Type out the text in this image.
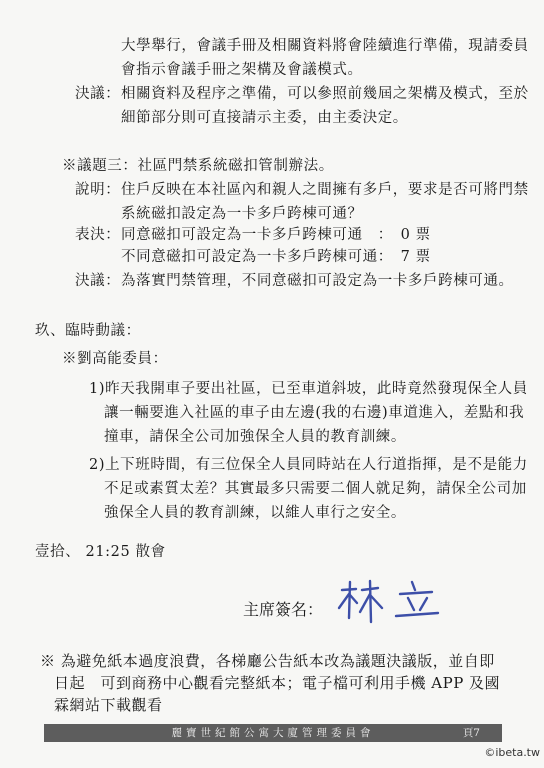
大學舉行，會議手冊及相關資料將會陸續進行準備，現請委員
會指示會議手冊之架構及會議模式。
決議： 相關資料及程序之準備，可以參照前幾屆之架構及模式，至於
細節部分則可直接請示主委，由主委決定。
※議題三：社區門禁系統磁扣管制辦法。
說明： 住戶反映在本社區內和親人之間擁有多戶，要求是否可將門禁
系統磁扣設定為一卡多戶跨棟可通？
表決： 同意磁扣可設定為一卡多戶跨棟可通　：　0 票
不同意磁扣可設定為一卡多戶跨棟可通：　7 票
決議： 為落實門禁管理，不同意磁扣可設定為一卡多戶跨棟可通。
玖、臨時動議：
※劉高能委員：
1)昨天我開車子要出社區，已至車道斜坡，此時竟然發現保全人員
讓一輛要進入社區的車子由左邊(我的右邊)車道進入，差點和我
撞車，請保全公司加強保全人員的教育訓練。
2)上下班時間，有三位保全人員同時站在人行道指揮，是不是能力
不足或素質太差？其實最多只需要二個人就足夠，請保全公司加
強保全人員的教育訓練，以維人車行之安全。
壹拾、 21:25 散會
主席簽名：
※ 為避免紙本過度浪費，各梯廳公告紙本改為議題決議版，並自即
日起　可到商務中心觀看完整紙本；電子檔可利用手機 APP 及國
霖網站下載觀看
麗寶世紀館公寓大廈管理委員會	頁7
©ibeta.tw
